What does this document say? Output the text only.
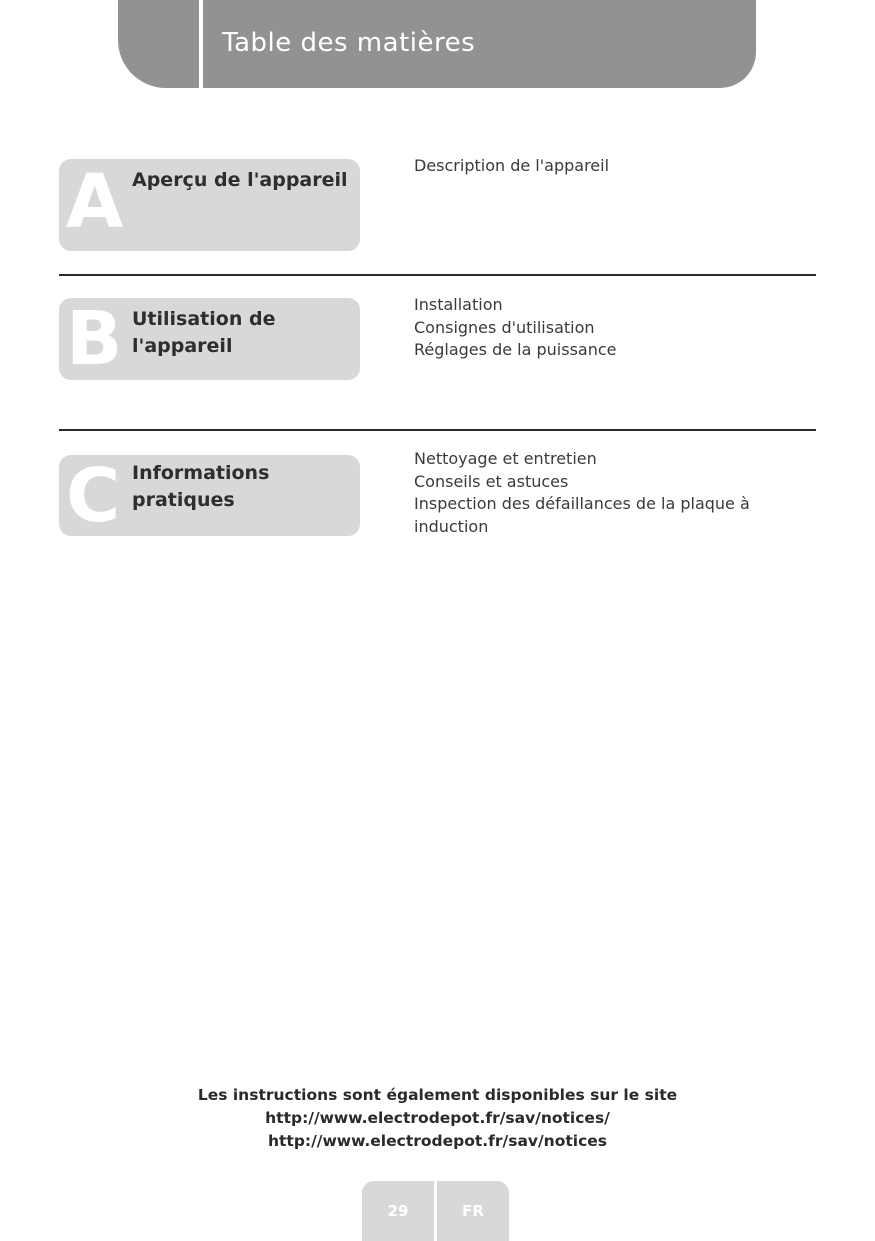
Table des matières
A Aperçu de l'appareil
Description de l'appareil
B Utilisation de l'appareil
Installation
Consignes d'utilisation
Réglages de la puissance
C Informations pratiques
Nettoyage et entretien
Conseils et astuces
Inspection des défaillances de la plaque à induction
Les instructions sont également disponibles sur le site
http://www.electrodepot.fr/sav/notices/
http://www.electrodepot.fr/sav/notices
29	FR
